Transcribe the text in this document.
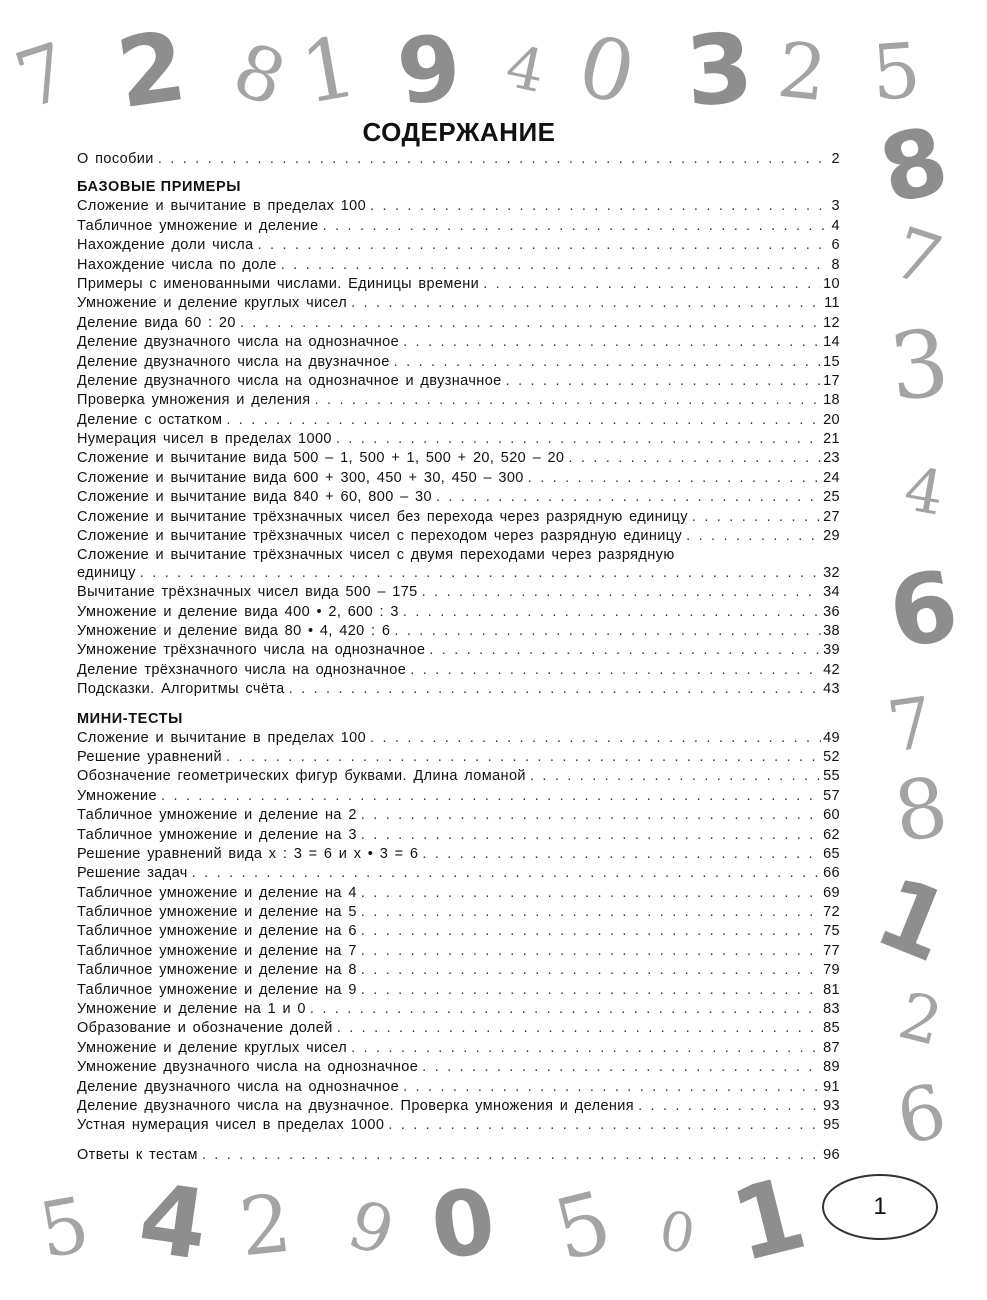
7 2 8
1 9 4 0 3 2 5
8
7
3
4
6
7
8
1
2
6
5 4 2 9 0 5 0 1
СОДЕРЖАНИЕ
О пособии . . .	2
БАЗОВЫЕ ПРИМЕРЫ
Сложение и вычитание в пределах 100 . . .	3
Табличное умножение и деление . . .	4
Нахождение доли числа . . .	6
Нахождение числа по доле . . .	8
Примеры с именованными числами. Единицы времени . . .	10
Умножение и деление круглых чисел . . .	11
Деление вида 60 : 20 . . .	12
Деление двузначного числа на однозначное . . .	14
Деление двузначного числа на двузначное . . .	15
Деление двузначного числа на однозначное и двузначное . . .	17
Проверка умножения и деления . . .	18
Деление с остатком . . .	20
Нумерация чисел в пределах 1000 . . .	21
Сложение и вычитание вида 500 – 1, 500 + 1, 500 + 20, 520 – 20 . . .	23
Сложение и вычитание вида 600 + 300, 450 + 30, 450 – 300 . . .	24
Сложение и вычитание вида 840 + 60, 800 – 30 . . .	25
Сложение и вычитание трёхзначных чисел без перехода через разрядную единицу . . .	27
Сложение и вычитание трёхзначных чисел с переходом через разрядную единицу . . .	29
Сложение и вычитание трёхзначных чисел с двумя переходами через разрядную
единицу . . .	32
Вычитание трёхзначных чисел вида 500 – 175 . . .	34
Умножение и деление вида 400 • 2, 600 : 3 . . .	36
Умножение и деление вида 80 • 4, 420 : 6 . . .	38
Умножение трёхзначного числа на однозначное . . .	39
Деление трёхзначного числа на однозначное . . .	42
Подсказки. Алгоритмы счёта . . .	43
МИНИ-ТЕСТЫ
Сложение и вычитание в пределах 100 . . .	49
Решение уравнений . . .	52
Обозначение геометрических фигур буквами. Длина ломаной . . .	55
Умножение . . .	57
Табличное умножение и деление на 2 . . .	60
Табличное умножение и деление на 3 . . .	62
Решение уравнений вида х : 3 = 6 и х • 3 = 6 . . .	65
Решение задач . . .	66
Табличное умножение и деление на 4 . . .	69
Табличное умножение и деление на 5 . . .	72
Табличное умножение и деление на 6 . . .	75
Табличное умножение и деление на 7 . . .	77
Табличное умножение и деление на 8 . . .	79
Табличное умножение и деление на 9 . . .	81
Умножение и деление на 1 и 0 . . .	83
Образование и обозначение долей . . .	85
Умножение и деление круглых чисел . . .	87
Умножение двузначного числа на однозначное . . .	89
Деление двузначного числа на однозначное . . .	91
Деление двузначного числа на двузначное. Проверка умножения и деления . . .	93
Устная нумерация чисел в пределах 1000 . . .	95
Ответы к тестам . . .	96
1
